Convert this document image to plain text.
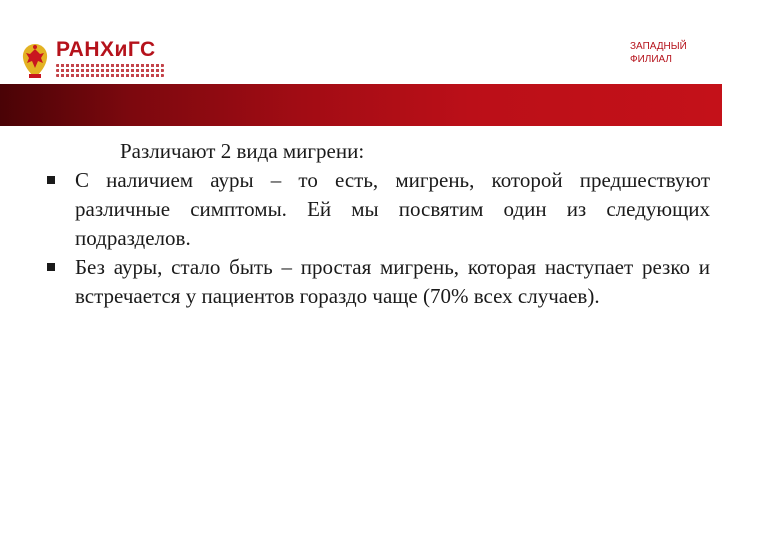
РАНХиГС	ЗАПАДНЫЙ
ФИЛИАЛ
Различают 2 вида мигрени:
С наличием ауры – то есть, мигрень, которой предшествуют различные симптомы. Ей мы посвятим один из следующих подразделов.
Без ауры, стало быть – простая мигрень, которая наступает резко и встречается у пациентов гораздо чаще (70% всех случаев).
